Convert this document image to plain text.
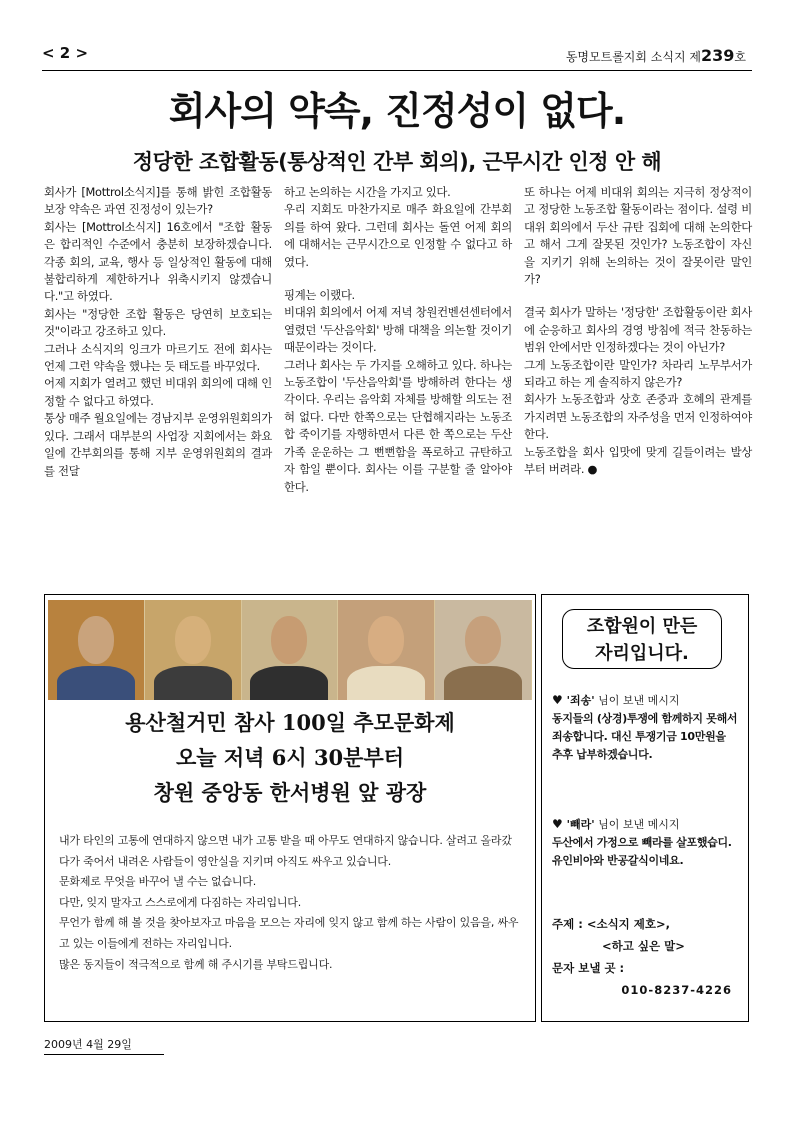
< 2 >	동명모트롤지회 소식지 제239호
회사의 약속, 진정성이 없다.
정당한 조합활동(통상적인 간부 회의), 근무시간 인정 안 해

회사가 [Mottrol소식지]를 통해 밝힌 조합활동 보장 약속은 과연 진정성이 있는가?

회사는 [Mottrol소식지] 16호에서 "조합 활동은 합리적인 수준에서 충분히 보장하겠습니다. 각종 회의, 교육, 행사 등 일상적인 활동에 대해 불합리하게 제한하거나 위축시키지 않겠습니다."고 하였다.

회사는 "정당한 조합 활동은 당연히 보호되는 것"이라고 강조하고 있다.

그러나 소식지의 잉크가 마르기도 전에 회사는 언제 그런 약속을 했냐는 듯 태도를 바꾸었다.

어제 지회가 열려고 했던 비대위 회의에 대해 인정할 수 없다고 하였다.

통상 매주 월요일에는 경남지부 운영위원회의가 있다. 그래서 대부분의 사업장 지회에서는 화요일에 간부회의를 통해 지부 운영위원회의 결과를 전달

하고 논의하는 시간을 가지고 있다.

우리 지회도 마찬가지로 매주 화요일에 간부회의를 하여 왔다. 그런데 회사는 돌연 어제 회의에 대해서는 근무시간으로 인정할 수 없다고 하였다.

핑계는 이랬다.

비대위 회의에서 어제 저녁 창원컨벤션센터에서 열렸던 '두산음악회' 방해 대책을 의논할 것이기 때문이라는 것이다.

그러나 회사는 두 가지를 오해하고 있다. 하나는 노동조합이 '두산음악회'를 방해하려 한다는 생각이다. 우리는 음악회 자체를 방해할 의도는 전혀 없다. 다만 한쪽으로는 단협해지라는 노동조합 죽이기를 자행하면서 다른 한 쪽으로는 두산 가족 운운하는 그 뻔뻔함을 폭로하고 규탄하고자 함일 뿐이다. 회사는 이를 구분할 줄 알아야 한다.

또 하나는 어제 비대위 회의는 지극히 정상적이고 정당한 노동조합 활동이라는 점이다. 설령 비대위 회의에서 두산 규탄 집회에 대해 논의한다고 해서 그게 잘못된 것인가? 노동조합이 자신을 지키기 위해 논의하는 것이 잘못이란 말인가?

결국 회사가 말하는 '정당한' 조합활동이란 회사에 순응하고 회사의 경영 방침에 적극 찬동하는 범위 안에서만 인정하겠다는 것이 아닌가?

그게 노동조합이란 말인가? 차라리 노무부서가 되라고 하는 게 솔직하지 않은가?

회사가 노동조합과 상호 존중과 호혜의 관계를 가지려면 노동조합의 자주성을 먼저 인정하여야 한다.

노동조합을 회사 입맛에 맞게 길들이려는 발상부터 버려라. ●

용산철거민 참사 100일 추모문화제
오늘 저녁 6시 30분부터
창원 중앙동 한서병원 앞 광장

내가 타인의 고통에 연대하지 않으면 내가 고통 받을 때 아무도 연대하지 않습니다. 살려고 올라갔다가 죽어서 내려온 사람들이 영안실을 지키며 아직도 싸우고 있습니다.

문화제로 무엇을 바꾸어 낼 수는 없습니다.

다만, 잊지 말자고 스스로에게 다짐하는 자리입니다.

무언가 함께 해 볼 것을 찾아보자고 마음을 모으는 자리에 잊지 않고 함께 하는 사람이 있음을, 싸우고 있는 이들에게 전하는 자리입니다.

많은 동지들이 적극적으로 함께 해 주시기를 부탁드립니다.

조합원이 만든
자리입니다.
♥ '죄송' 님이 보낸 메시지
동지들의 (상경)투쟁에 함께하지 못해서 죄송합니다. 대신 투쟁기금 10만원을 추후 납부하겠습니다.
♥ '빼라' 님이 보낸 메시지
두산에서 가정으로 빼라를 살포했습디. 유인비아와 반공갈식이네요.
주제 : <소식지 제호>,
<하고 싶은 말>
문자 보낼 곳 :
010-8237-4226
2009년 4월 29일
